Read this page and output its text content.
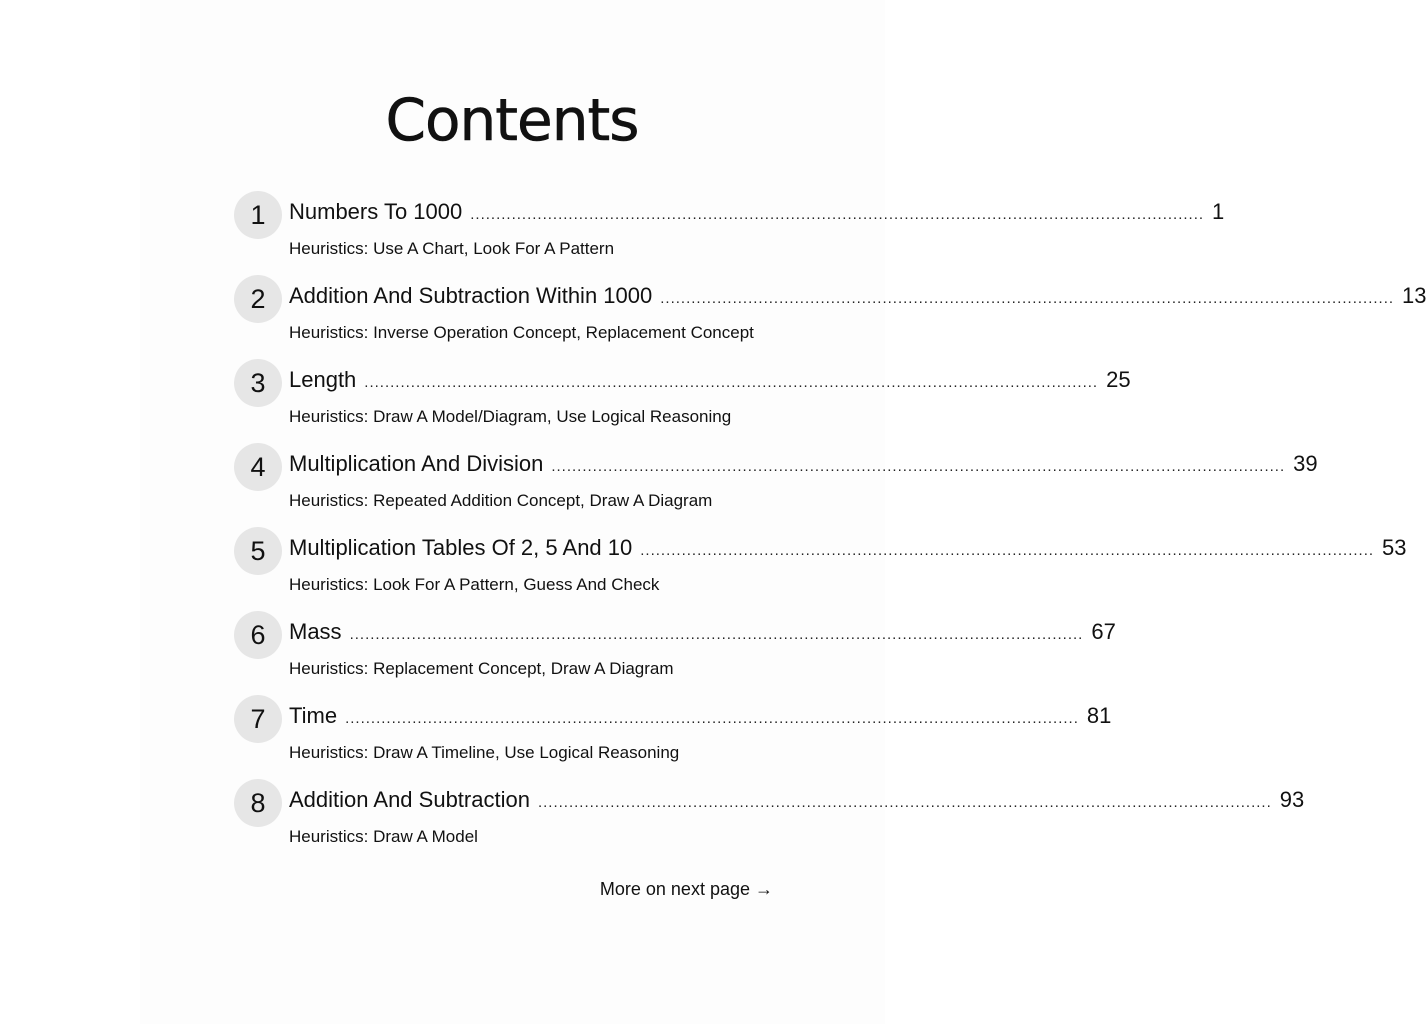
Contents
1	Numbers To 1000 .............................................................................................................................................. 1
Heuristics: Use A Chart, Look For A Pattern
2	Addition And Subtraction Within 1000 .............................................................................................................................................. 13
Heuristics: Inverse Operation Concept, Replacement Concept
3	Length .............................................................................................................................................. 25
Heuristics: Draw A Model/Diagram, Use Logical Reasoning
4	Multiplication And Division .............................................................................................................................................. 39
Heuristics: Repeated Addition Concept, Draw A Diagram
5	Multiplication Tables Of 2, 5 And 10 .............................................................................................................................................. 53
Heuristics: Look For A Pattern, Guess And Check
6	Mass .............................................................................................................................................. 67
Heuristics: Replacement Concept, Draw A Diagram
7	Time .............................................................................................................................................. 81
Heuristics: Draw A Timeline, Use Logical Reasoning
8	Addition And Subtraction .............................................................................................................................................. 93
Heuristics: Draw A Model
More on next page →
